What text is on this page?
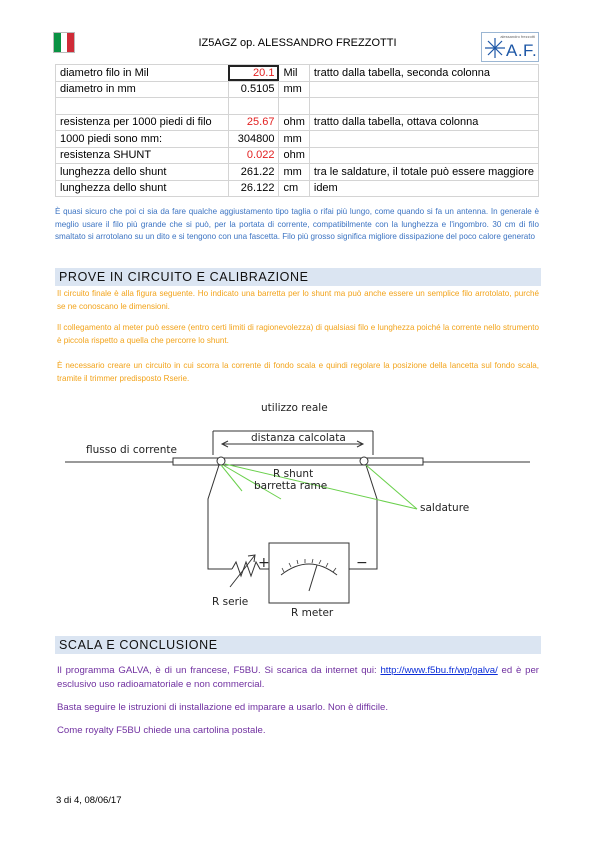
IZ5AGZ op. ALESSANDRO FREZZOTTI
alessandro frezzotti
A.F.
diametro filo in Mil	20.1	Mil	tratto dalla tabella, seconda colonna
diametro in mm	0.5105	mm	

resistenza per 1000 piedi di filo	25.67	ohm	tratto dalla tabella, ottava colonna
1000 piedi sono mm:	304800	mm	
resistenza SHUNT	0.022	ohm	
lunghezza dello shunt	261.22	mm	tra le saldature, il totale può essere maggiore
lunghezza dello shunt	26.122	cm	idem
È quasi sicuro che poi ci sia da fare qualche aggiustamento tipo taglia o rifai più lungo, come quando si fa un antenna. In generale è meglio usare il filo più grande che si può, per la portata di corrente, compatibilmente con la lunghezza e l'ingombro. 30 cm di filo smaltato si arrotolano su un dito e si tengono con una fascetta. Filo più grosso significa migliore dissipazione del poco calore generato
PROVE IN CIRCUITO E CALIBRAZIONE
Il circuito finale è alla figura seguente. Ho indicato una barretta per lo shunt ma può anche essere un semplice filo arrotolato, purché se ne conoscano le dimensioni.
Il collegamento al meter può essere (entro certi limiti di ragionevolezza) di qualsiasi filo e lunghezza poiché la corrente nello strumento è piccola rispetto a quella che percorre lo shunt.
È necessario creare un circuito in cui scorra la corrente di fondo scala e quindi regolare la posizione della lancetta sul fondo scala, tramite il trimmer predisposto Rserie.
utilizzo reale
distanza calcolata
flusso di corrente
R shunt
barretta rame
saldature
+	−
R serie
R meter
SCALA E CONCLUSIONE
Il programma GALVA, è di un francese, F5BU. Si scarica da internet qui: http://www.f5bu.fr/wp/galva/ ed è per esclusivo uso radioamatoriale e non commercial.
Basta seguire le istruzioni di installazione ed imparare a usarlo. Non è difficile.
Come royalty F5BU chiede una cartolina postale.
3 di 4, 08/06/17
